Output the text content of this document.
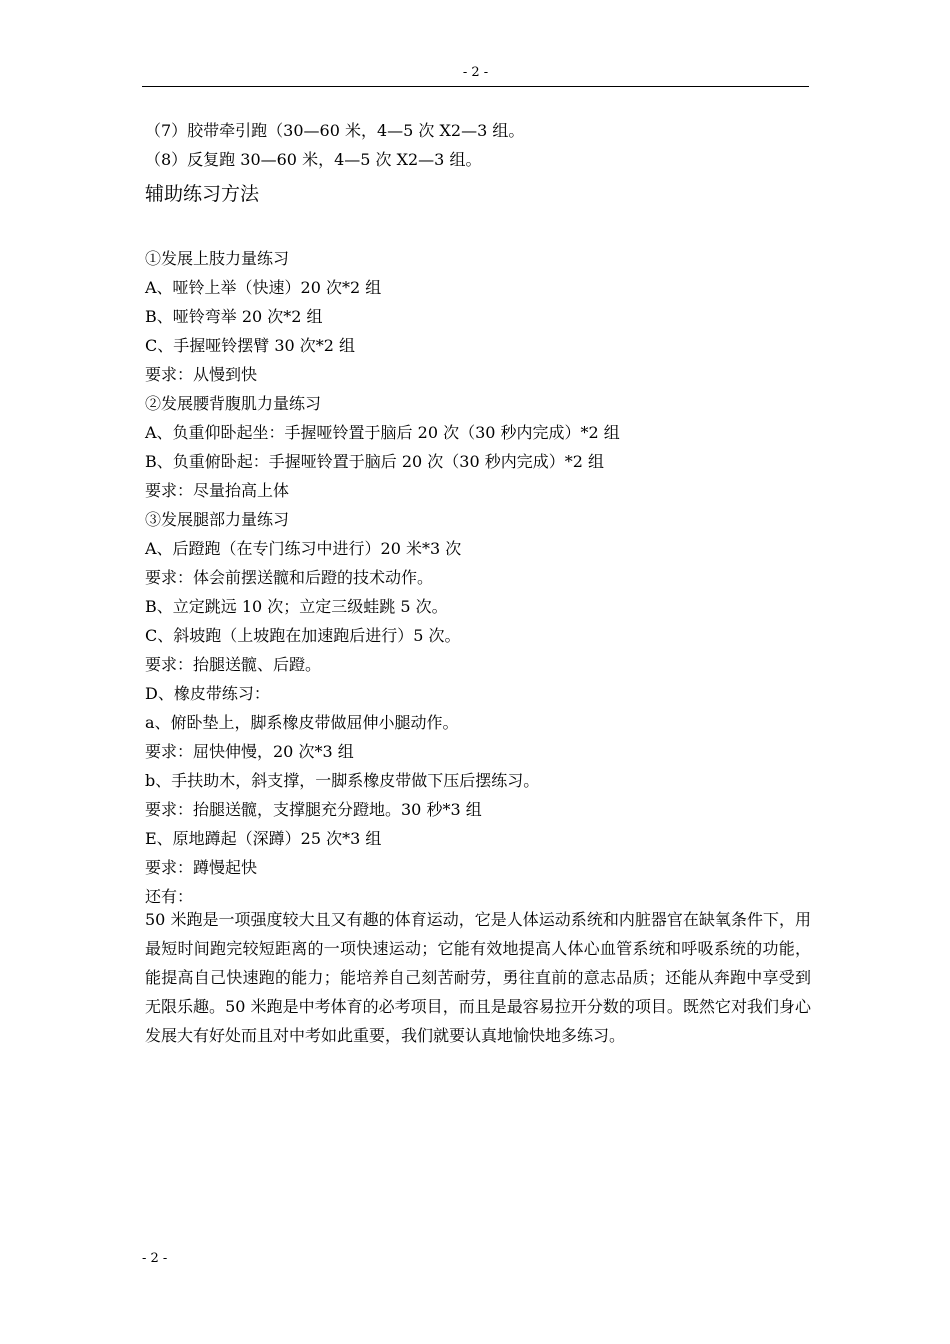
- 2 -
（7）胶带牵引跑（30—60 米，4—5 次 X2—3 组。
（8）反复跑 30—60 米，4—5 次 X2—3 组。
辅助练习方法
①发展上肢力量练习
A、哑铃上举（快速）20 次*2 组
B、哑铃弯举 20 次*2 组
C、手握哑铃摆臂 30 次*2 组
要求：从慢到快
②发展腰背腹肌力量练习
A、负重仰卧起坐：手握哑铃置于脑后 20 次（30 秒内完成）*2 组
B、负重俯卧起：手握哑铃置于脑后 20 次（30 秒内完成）*2 组
要求：尽量抬高上体
③发展腿部力量练习
A、后蹬跑（在专门练习中进行）20 米*3 次
要求：体会前摆送髋和后蹬的技术动作。
B、立定跳远 10 次；立定三级蛙跳 5 次。
C、斜坡跑（上坡跑在加速跑后进行）5 次。
要求：抬腿送髋、后蹬。
D、橡皮带练习：
a、俯卧垫上，脚系橡皮带做屈伸小腿动作。
要求：屈快伸慢，20 次*3 组
b、手扶助木，斜支撑，一脚系橡皮带做下压后摆练习。
要求：抬腿送髋，支撑腿充分蹬地。30 秒*3 组
E、原地蹲起（深蹲）25 次*3 组
要求：蹲慢起快
还有：
50 米跑是一项强度较大且又有趣的体育运动，它是人体运动系统和内脏器官在缺氧条件下，用最短时间跑完较短距离的一项快速运动；它能有效地提高人体心血管系统和呼吸系统的功能，能提高自己快速跑的能力；能培养自己刻苦耐劳，勇往直前的意志品质；还能从奔跑中享受到无限乐趣。50 米跑是中考体育的必考项目，而且是最容易拉开分数的项目。既然它对我们身心发展大有好处而且对中考如此重要，我们就要认真地愉快地多练习。
- 2 -
